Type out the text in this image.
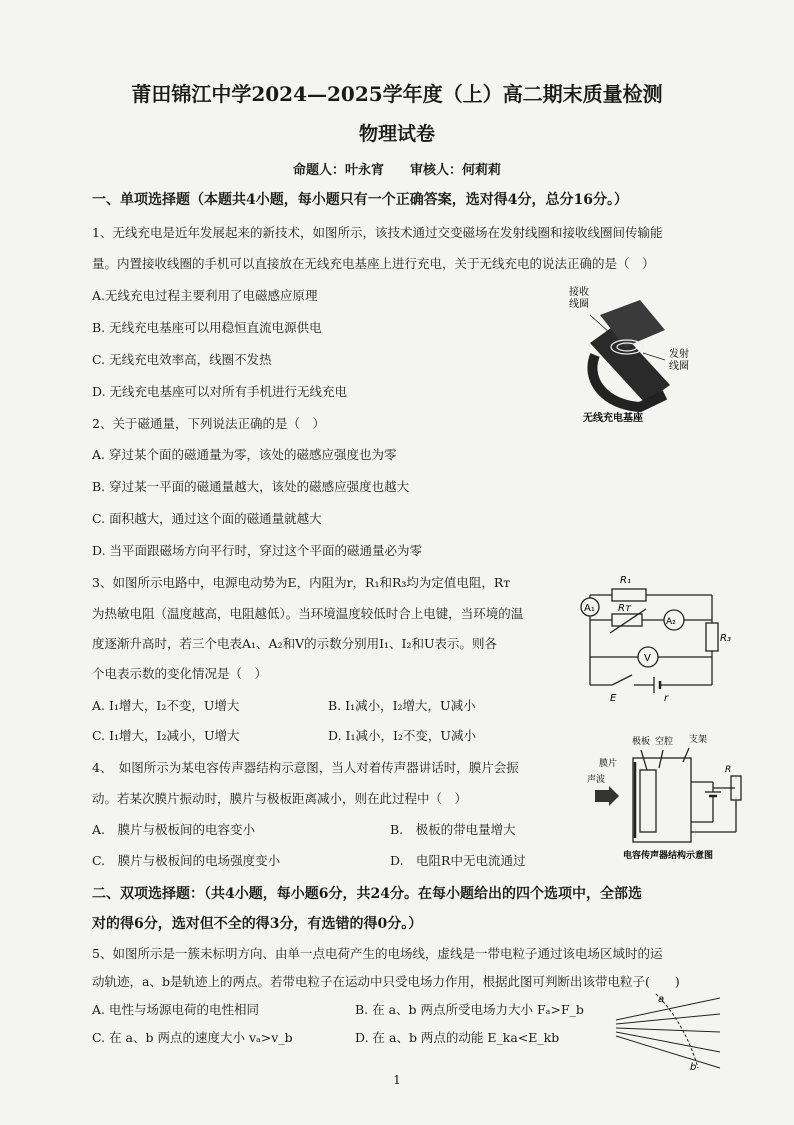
莆田锦江中学2024—2025学年度（上）高二期末质量检测
物理试卷
命题人：叶永宵　　审核人：何莉莉
一、单项选择题（本题共4小题，每小题只有一个正确答案，选对得4分，总分16分。）
1、无线充电是近年发展起来的新技术，如图所示，该技术通过交变磁场在发射线圈和接收线圈间传输能
量。内置接收线圈的手机可以直接放在无线充电基座上进行充电，关于无线充电的说法正确的是（　）
A.无线充电过程主要利用了电磁感应原理
B. 无线充电基座可以用稳恒直流电源供电
C. 无线充电效率高，线圈不发热
D. 无线充电基座可以对所有手机进行无线充电
接收
线圈
发射
线圈
无线充电基座
2、关于磁通量，下列说法正确的是（　）
A. 穿过某个面的磁通量为零，该处的磁感应强度也为零
B. 穿过某一平面的磁通量越大，该处的磁感应强度也越大
C. 面积越大，通过这个面的磁通量就越大
D. 当平面跟磁场方向平行时，穿过这个平面的磁通量必为零
3、如图所示电路中，电源电动势为E，内阻为r，R₁和R₃均为定值电阻，Rᴛ
为热敏电阻（温度越高，电阻越低）。当环境温度较低时合上电键，当环境的温
度逐渐升高时，若三个电表A₁、A₂和V的示数分别用I₁、I₂和U表示。则各
个电表示数的变化情况是（　）
A. I₁增大，I₂不变，U增大	B. I₁减小，I₂增大，U减小
C. I₁增大，I₂减小，U增大	D. I₁减小，I₂不变，U减小
A₁
A₂
V
R₁
Rᴛ
R₃
E	r
4、　如图所示为某电容传声器结构示意图，当人对着传声器讲话时，膜片会振
动。若某次膜片振动时，膜片与极板距离减小，则在此过程中（　）
A.　膜片与极板间的电容变小	B.　极板的带电量增大
C.　膜片与极板间的电场强度变小	D.　电阻R中无电流通过
极板 空腔 支架
膜片
声波
R
电容传声器结构示意图
二、双项选择题：（共4小题，每小题6分，共24分。在每小题给出的四个选项中，全部选
对的得6分，选对但不全的得3分，有选错的得0分。）
5、如图所示是一簇未标明方向、由单一点电荷产生的电场线，虚线是一带电粒子通过该电场区域时的运
动轨迹，a、b是轨迹上的两点。若带电粒子在运动中只受电场力作用，根据此图可判断出该带电粒子(　　)
A. 电性与场源电荷的电性相同	B. 在 a、b 两点所受电场力大小 Fₐ>F_b
C. 在 a、b 两点的速度大小 vₐ>v_b	D. 在 a、b 两点的动能 E_ka<E_kb
a
b
1
